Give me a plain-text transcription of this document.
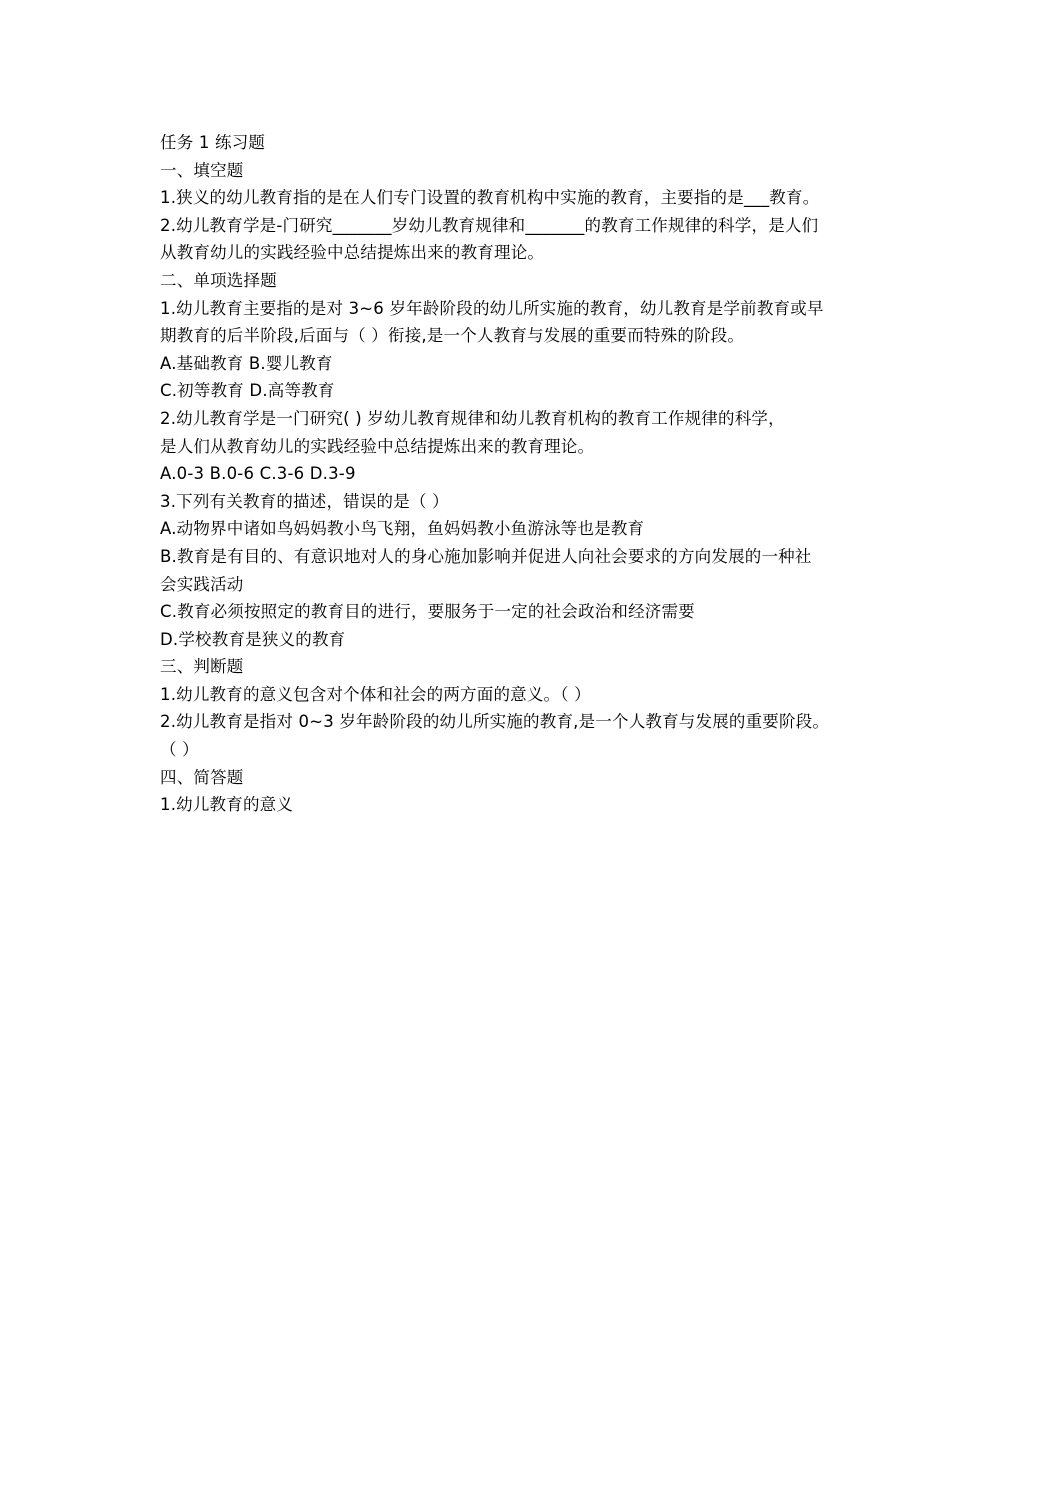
任务 1 练习题
一、填空题
1.狭义的幼儿教育指的是在人们专门设置的教育机构中实施的教育，主要指的是___教育。
2.幼儿教育学是-门研究_______岁幼儿教育规律和_______的教育工作规律的科学，是人们
从教育幼儿的实践经验中总结提炼出来的教育理论。
二、单项选择题
1.幼儿教育主要指的是对 3~6 岁年龄阶段的幼儿所实施的教育，幼儿教育是学前教育或早
期教育的后半阶段,后面与（ ）衔接,是一个人教育与发展的重要而特殊的阶段。
A.基础教育 B.婴儿教育
C.初等教育 D.高等教育
2.幼儿教育学是一门研究( ) 岁幼儿教育规律和幼儿教育机构的教育工作规律的科学，
是人们从教育幼儿的实践经验中总结提炼出来的教育理论。
A.0-3 B.0-6 C.3-6 D.3-9
3.下列有关教育的描述，错误的是（ ）
A.动物界中诸如鸟妈妈教小鸟飞翔，鱼妈妈教小鱼游泳等也是教育
B.教育是有目的、有意识地对人的身心施加影响并促进人向社会要求的方向发展的一种社
会实践活动
C.教育必须按照定的教育目的进行，要服务于一定的社会政治和经济需要
D.学校教育是狭义的教育
三、判断题
1.幼儿教育的意义包含对个体和社会的两方面的意义。（ ）
2.幼儿教育是指对 0~3 岁年龄阶段的幼儿所实施的教育,是一个人教育与发展的重要阶段。
（ ）
四、简答题
1.幼儿教育的意义
